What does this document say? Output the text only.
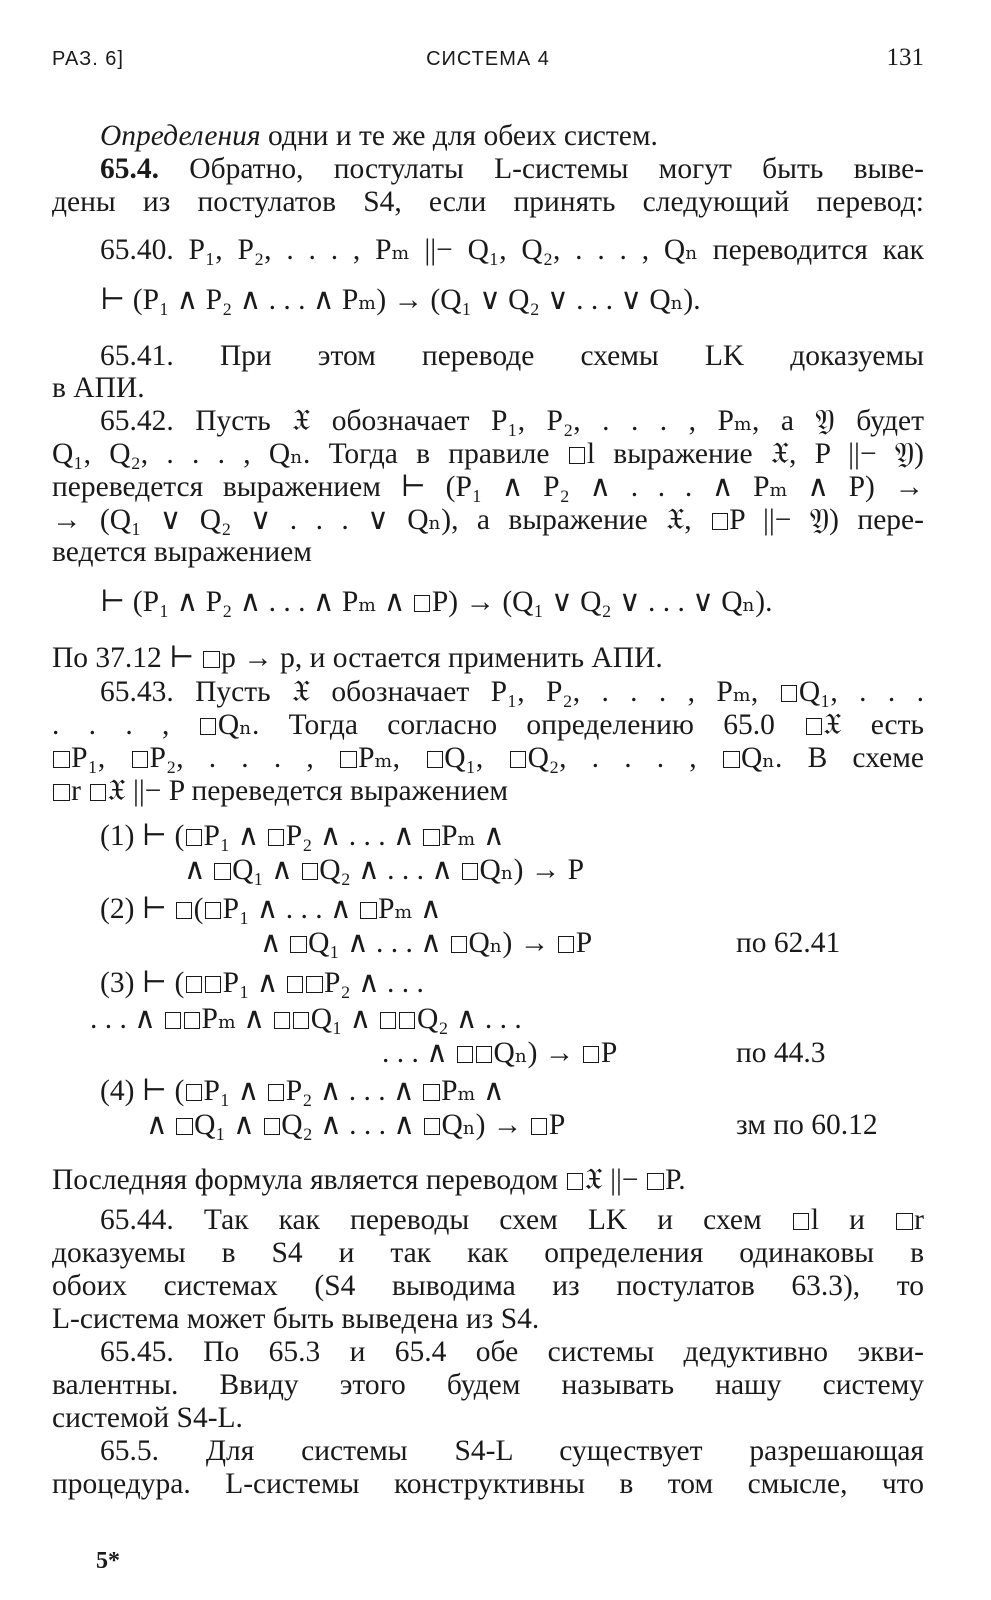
РАЗ. 6]	СИСТЕМА 4	131
Определения одни и те же для обеих систем.
65.4. Обратно, постулаты L-системы могут быть выве-
дены из постулатов S4, если принять следующий перевод:
65.40. P₁, P₂, . . . , Pₘ ||− Q₁, Q₂, . . . , Qₙ переводится как
⊢ (P₁ ∧ P₂ ∧ . . . ∧ Pₘ) → (Q₁ ∨ Q₂ ∨ . . . ∨ Qₙ).
65.41. При этом переводе схемы LK доказуемы
в АПИ.
65.42. Пусть 𝔛 обозначает P₁, P₂, . . . , Pₘ, а 𝔜 будет
Q₁, Q₂, . . . , Qₙ. Тогда в правиле l выражение 𝔛, P ||− 𝔜)
переведется выражением ⊢ (P₁ ∧ P₂ ∧ . . . ∧ Pₘ ∧ P) →
→ (Q₁ ∨ Q₂ ∨ . . . ∨ Qₙ), а выражение 𝔛, P ||− 𝔜) пере-
ведется выражением
⊢ (P₁ ∧ P₂ ∧ . . . ∧ Pₘ ∧ P) → (Q₁ ∨ Q₂ ∨ . . . ∨ Qₙ).
По 37.12 ⊢ p → p, и остается применить АПИ.
65.43. Пусть 𝔛 обозначает P₁, P₂, . . . , Pₘ, Q₁, . . .
. . . , Qₙ. Тогда согласно определению 65.0 𝔛 есть
P₁, P₂, . . . , Pₘ, Q₁, Q₂, . . . , Qₙ. В схеме
r 𝔛 ||− P переведется выражением
(1) ⊢ ( P₁ ∧ P₂ ∧ . . . ∧ Pₘ ∧
∧ Q₁ ∧ Q₂ ∧ . . . ∧ Qₙ) → P
(2) ⊢ ( P₁ ∧ . . . ∧ Pₘ ∧
∧ Q₁ ∧ . . . ∧ Qₙ) → P	по 62.41
(3) ⊢ ( P₁ ∧ P₂ ∧ . . .
. . . ∧ Pₘ ∧ Q₁ ∧ Q₂ ∧ . . .
. . . ∧ Qₙ) → P	по 44.3
(4) ⊢ ( P₁ ∧ P₂ ∧ . . . ∧ Pₘ ∧
∧ Q₁ ∧ Q₂ ∧ . . . ∧ Qₙ) → P	зм по 60.12
Последняя формула является переводом 𝔛 ||− P.
65.44. Так как переводы схем LK и схем l и r
доказуемы в S4 и так как определения одинаковы в
обоих системах (S4 выводима из постулатов 63.3), то
L-система может быть выведена из S4.
65.45. По 65.3 и 65.4 обе системы дедуктивно экви-
валентны. Ввиду этого будем называть нашу систему
системой S4-L.
65.5. Для системы S4-L существует разрешающая
процедура. L-системы конструктивны в том смысле, что
5*
